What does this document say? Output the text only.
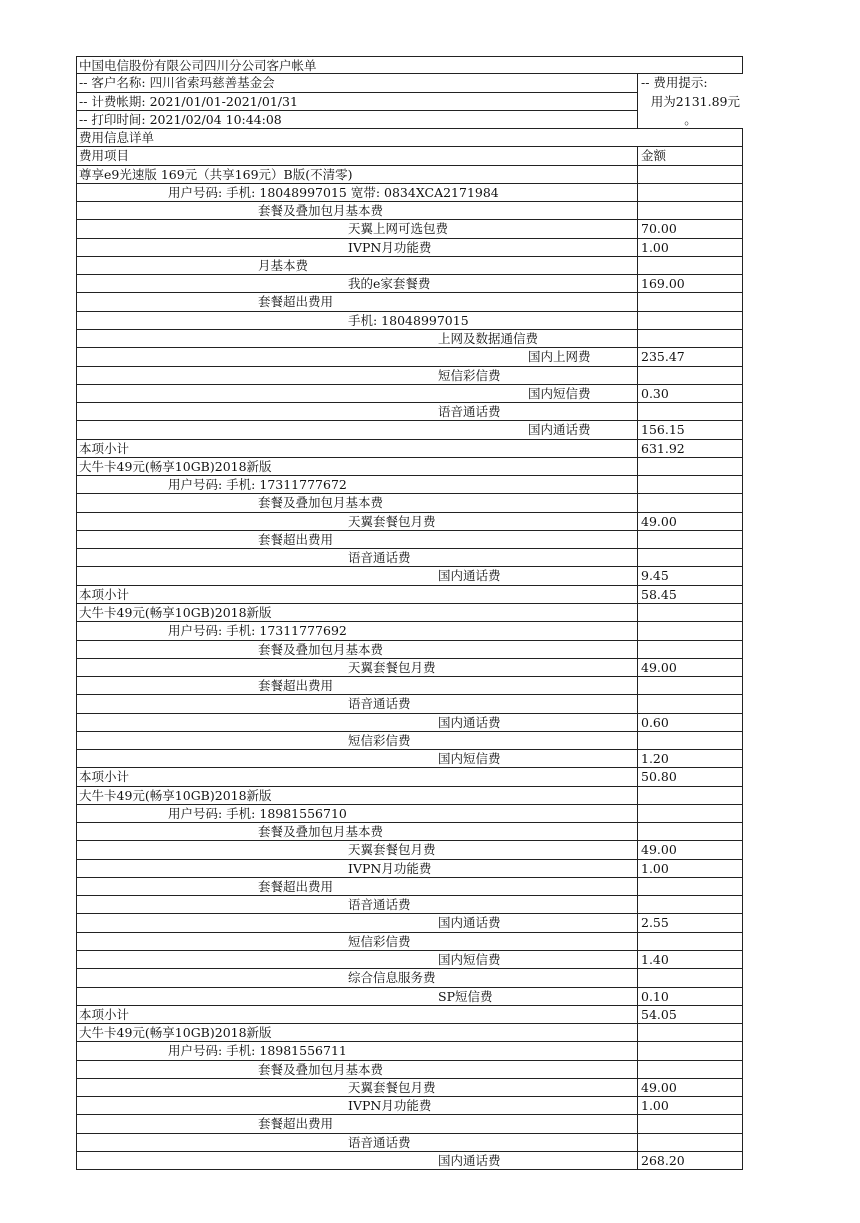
中国电信股份有限公司四川分公司客户帐单
-- 客户名称: 四川省索玛慈善基金会
-- 计费帐期: 2021/01/01-2021/01/31
-- 打印时间: 2021/02/04 10:44:08
-- 费用提示:
用为2131.89元
。
费用信息详单
费用项目	金额
尊享e9光速版 169元（共享169元）B版(不清零)
用户号码: 手机: 18048997015 宽带: 0834XCA2171984
套餐及叠加包月基本费
天翼上网可选包费	70.00
IVPN月功能费	1.00
月基本费
我的e家套餐费	169.00
套餐超出费用
手机: 18048997015
上网及数据通信费
国内上网费	235.47
短信彩信费
国内短信费	0.30
语音通话费
国内通话费	156.15
本项小计	631.92
大牛卡49元(畅享10GB)2018新版
用户号码: 手机: 17311777672
套餐及叠加包月基本费
天翼套餐包月费	49.00
套餐超出费用
语音通话费
国内通话费	9.45
本项小计	58.45
大牛卡49元(畅享10GB)2018新版
用户号码: 手机: 17311777692
套餐及叠加包月基本费
天翼套餐包月费	49.00
套餐超出费用
语音通话费
国内通话费	0.60
短信彩信费
国内短信费	1.20
本项小计	50.80
大牛卡49元(畅享10GB)2018新版
用户号码: 手机: 18981556710
套餐及叠加包月基本费
天翼套餐包月费	49.00
IVPN月功能费	1.00
套餐超出费用
语音通话费
国内通话费	2.55
短信彩信费
国内短信费	1.40
综合信息服务费
SP短信费	0.10
本项小计	54.05
大牛卡49元(畅享10GB)2018新版
用户号码: 手机: 18981556711
套餐及叠加包月基本费
天翼套餐包月费	49.00
IVPN月功能费	1.00
套餐超出费用
语音通话费
国内通话费	268.20
